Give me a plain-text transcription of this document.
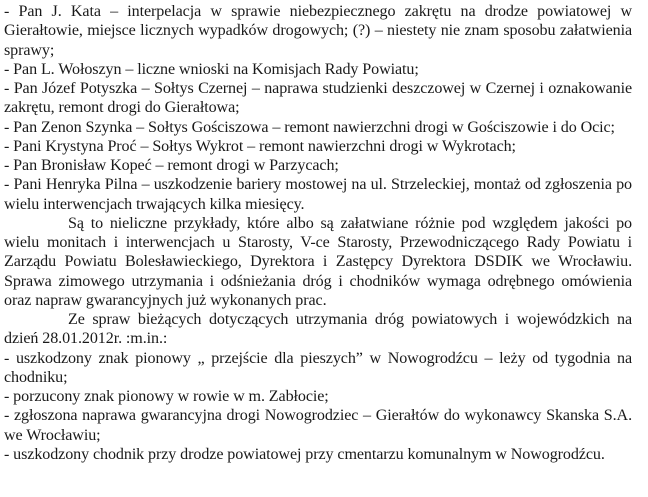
- Pan J. Kata – interpelacja w sprawie niebezpiecznego zakrętu na drodze powiatowej w Gierałtowie, miejsce licznych wypadków drogowych; (?) – niestety nie znam sposobu załatwienia sprawy;

- Pan L. Wołoszyn – liczne wnioski na Komisjach Rady Powiatu;

- Pan Józef Potyszka – Sołtys Czernej – naprawa studzienki deszczowej w Czernej i oznakowanie zakrętu, remont drogi do Gierałtowa;

- Pan Zenon Szynka – Sołtys Gościszowa – remont nawierzchni drogi w Gościszowie i do Ocic;

- Pani Krystyna Proć – Sołtys Wykrot – remont nawierzchni drogi w Wykrotach;

- Pan Bronisław Kopeć – remont drogi w Parzycach;

- Pani Henryka Pilna – uszkodzenie bariery mostowej na ul. Strzeleckiej, montaż od zgłoszenia po wielu interwencjach trwających kilka miesięcy.

Są to nieliczne przykłady, które albo są załatwiane różnie pod względem jakości po wielu monitach i interwencjach u Starosty, V-ce Starosty, Przewodniczącego Rady Powiatu i Zarządu Powiatu Bolesławieckiego, Dyrektora i Zastępcy Dyrektora DSDIK we Wrocławiu. Sprawa zimowego utrzymania i odśnieżania dróg i chodników wymaga odrębnego omówienia oraz napraw gwarancyjnych już wykonanych prac.

Ze spraw bieżących dotyczących utrzymania dróg powiatowych i wojewódzkich na dzień 28.01.2012r. :m.in.:

- uszkodzony znak pionowy „ przejście dla pieszych” w Nowogrodźcu – leży od tygodnia na chodniku;

- porzucony znak pionowy w rowie w m. Zabłocie;

- zgłoszona naprawa gwarancyjna drogi Nowogrodziec – Gierałtów do wykonawcy Skanska S.A. we Wrocławiu;

- uszkodzony chodnik przy drodze powiatowej przy cmentarzu komunalnym w Nowogrodźcu.
